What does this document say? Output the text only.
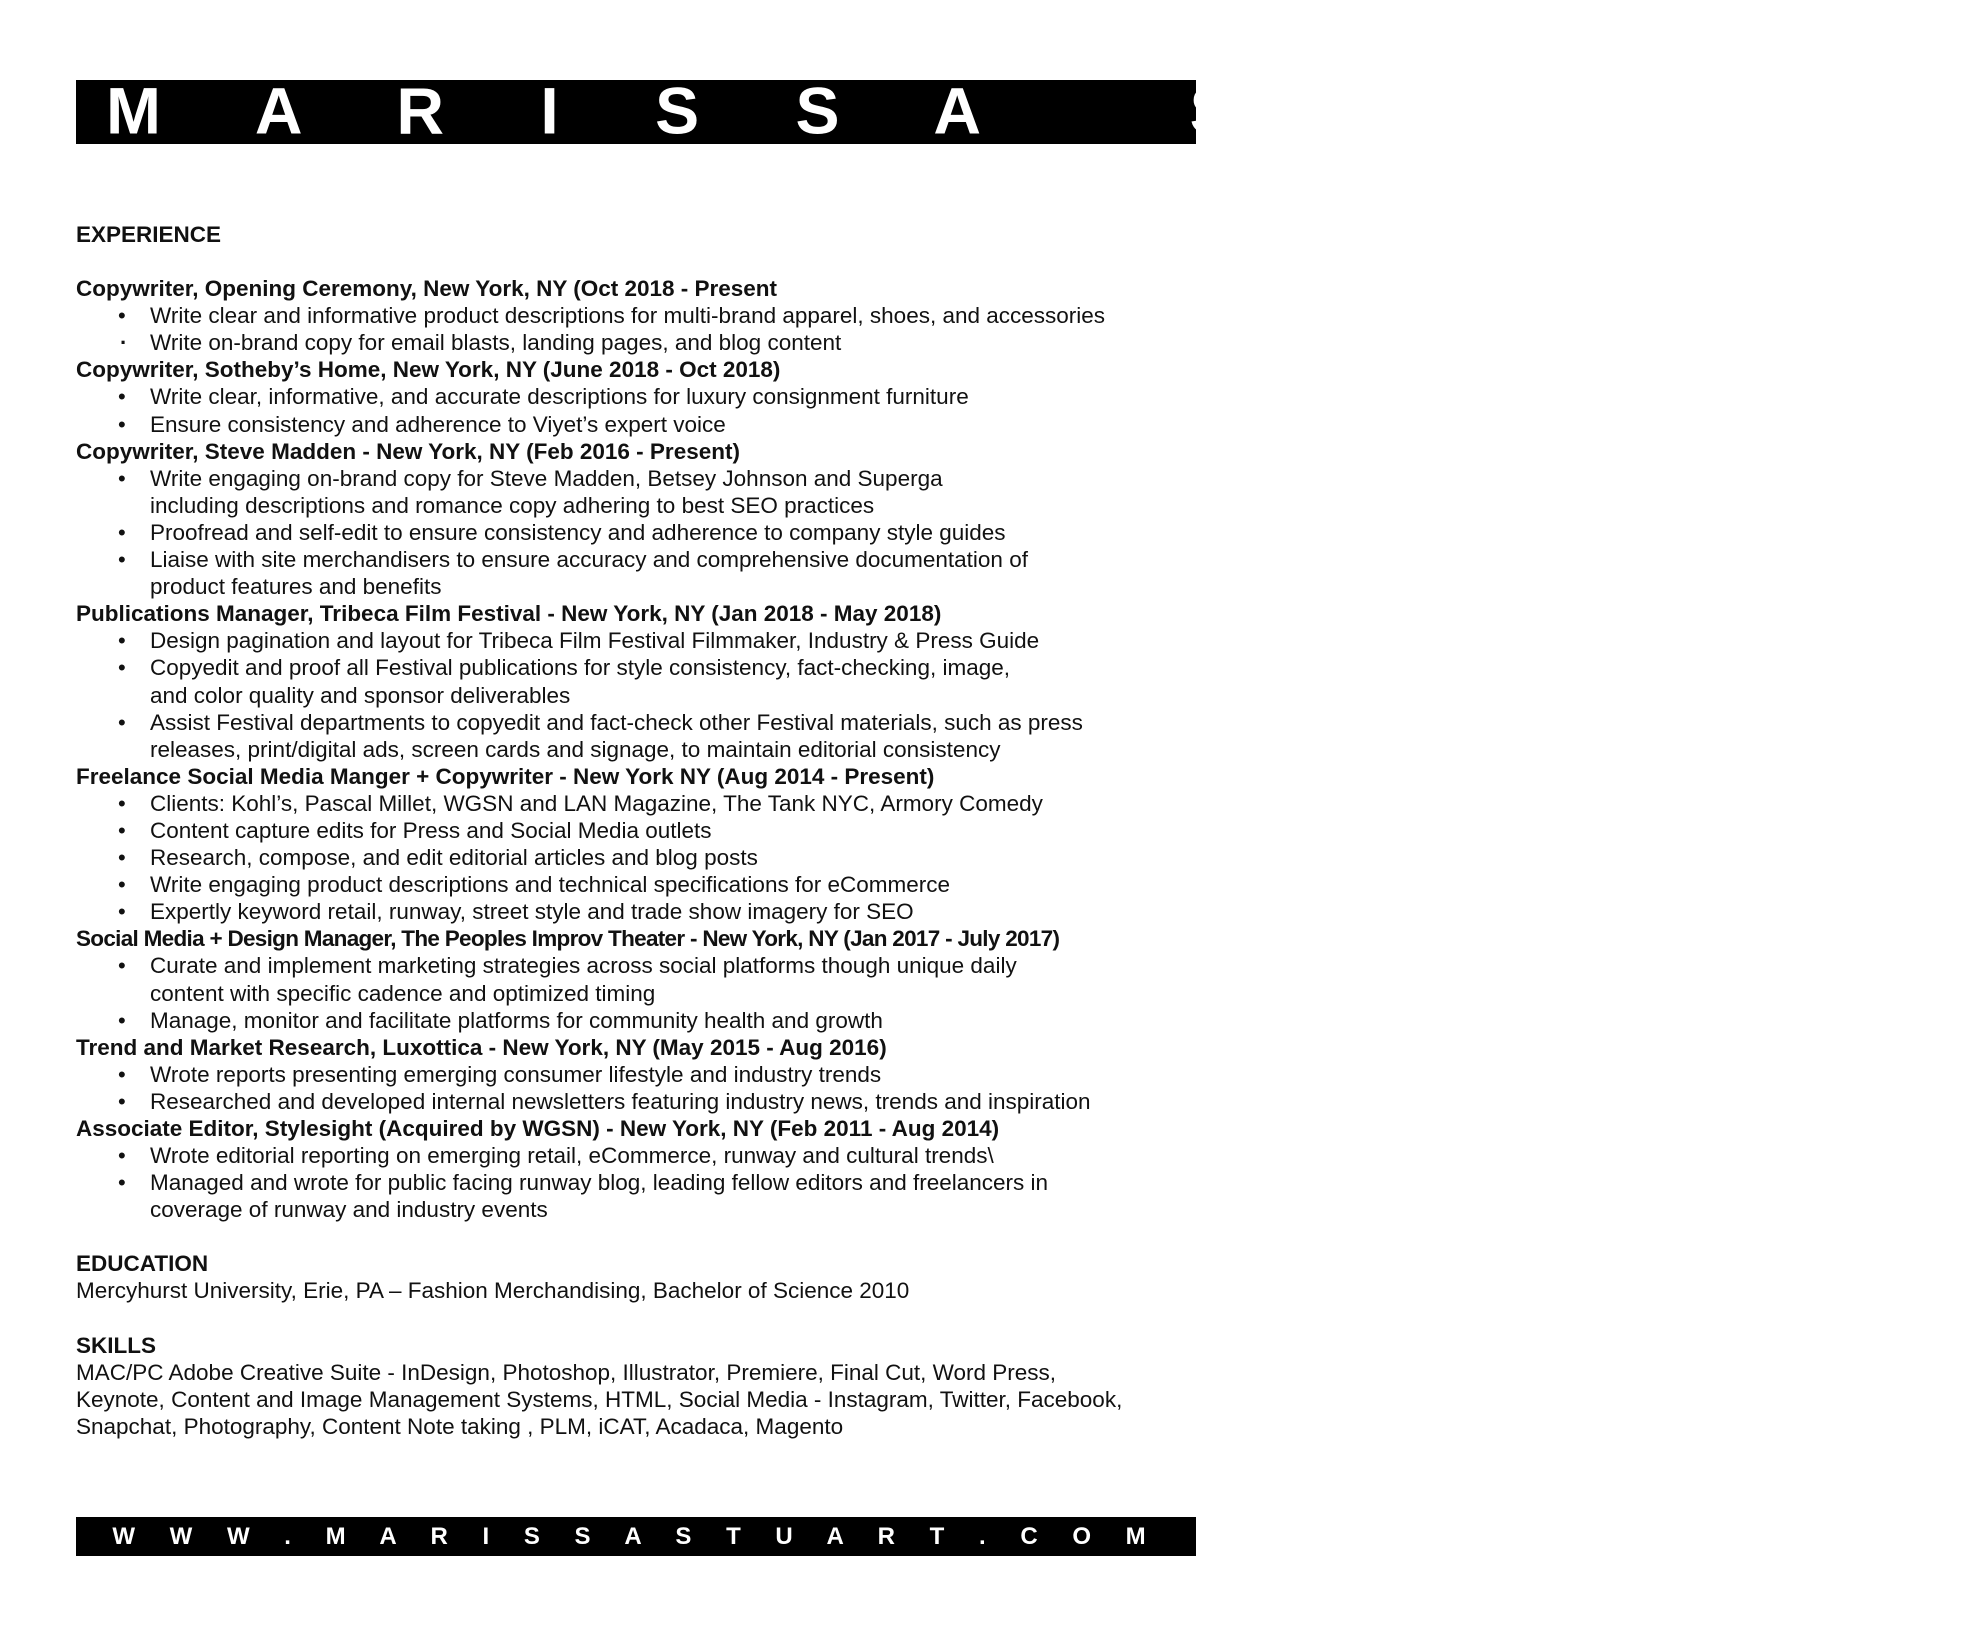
M A R I S S A   S T U A R T
EXPERIENCE
Copywriter, Opening Ceremony, New York, NY (Oct 2018 - Present
• Write clear and informative product descriptions for multi-brand apparel, shoes, and accessories
· Write on-brand copy for email blasts, landing pages, and blog content
Copywriter, Sotheby’s Home, New York, NY (June 2018 - Oct 2018)
• Write clear, informative, and accurate descriptions for luxury consignment furniture
• Ensure consistency and adherence to Viyet’s expert voice
Copywriter, Steve Madden - New York, NY (Feb 2016 - Present)
• Write engaging on-brand copy for Steve Madden, Betsey Johnson and Superga including descriptions and romance copy adhering to best SEO practices
• Proofread and self-edit to ensure consistency and adherence to company style guides
• Liaise with site merchandisers to ensure accuracy and comprehensive documentation of product features and benefits
Publications Manager, Tribeca Film Festival - New York, NY (Jan 2018 - May 2018)
• Design pagination and layout for Tribeca Film Festival Filmmaker, Industry & Press Guide
• Copyedit and proof all Festival publications for style consistency, fact-checking, image, and color quality and sponsor deliverables
• Assist Festival departments to copyedit and fact-check other Festival materials, such as press releases, print/digital ads, screen cards and signage, to maintain editorial consistency
Freelance Social Media Manger + Copywriter - New York NY (Aug 2014 - Present)
• Clients: Kohl’s, Pascal Millet, WGSN and LAN Magazine, The Tank NYC, Armory Comedy
• Content capture edits for Press and Social Media outlets
• Research, compose, and edit editorial articles and blog posts
• Write engaging product descriptions and technical specifications for eCommerce
• Expertly keyword retail, runway, street style and trade show imagery for SEO
Social Media + Design Manager, The Peoples Improv Theater - New York, NY (Jan 2017 - July 2017)
• Curate and implement marketing strategies across social platforms though unique daily content with specific cadence and optimized timing
• Manage, monitor and facilitate platforms for community health and growth
Trend and Market Research, Luxottica - New York, NY (May 2015 - Aug 2016)
• Wrote reports presenting emerging consumer lifestyle and industry trends
• Researched and developed internal newsletters featuring industry news, trends and inspiration
Associate Editor, Stylesight (Acquired by WGSN) - New York, NY (Feb 2011 - Aug 2014)
• Wrote editorial reporting on emerging retail, eCommerce, runway and cultural trends\
• Managed and wrote for public facing runway blog, leading fellow editors and freelancers in coverage of runway and industry events
EDUCATION
Mercyhurst University, Erie, PA – Fashion Merchandising, Bachelor of Science 2010
SKILLS
MAC/PC Adobe Creative Suite - InDesign, Photoshop, Illustrator, Premiere, Final Cut, Word Press, Keynote, Content and Image Management Systems, HTML, Social Media - Instagram, Twitter, Facebook, Snapchat, Photography, Content Note taking , PLM, iCAT, Acadaca, Magento
W W W . M A R I S S A S T U A R T . C O M
